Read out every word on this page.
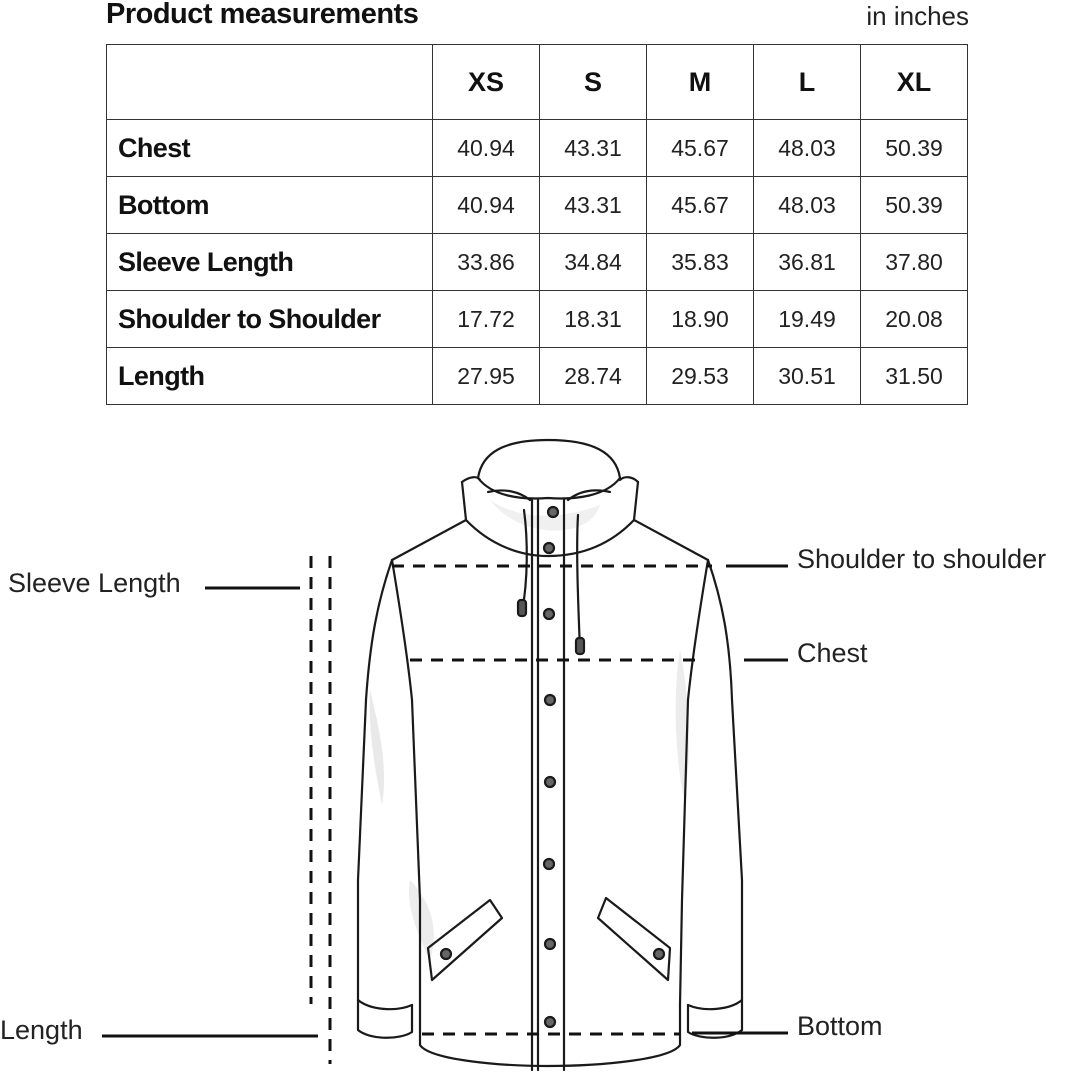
Product measurements	in inches
	XS	S	M	L	XL
Chest	40.94	43.31	45.67	48.03	50.39
Bottom	40.94	43.31	45.67	48.03	50.39
Sleeve Length	33.86	34.84	35.83	36.81	37.80
Shoulder to Shoulder	17.72	18.31	18.90	19.49	20.08
Length	27.95	28.74	29.53	30.51	31.50
Sleeve Length
Length
Shoulder to shoulder
Chest
Bottom
